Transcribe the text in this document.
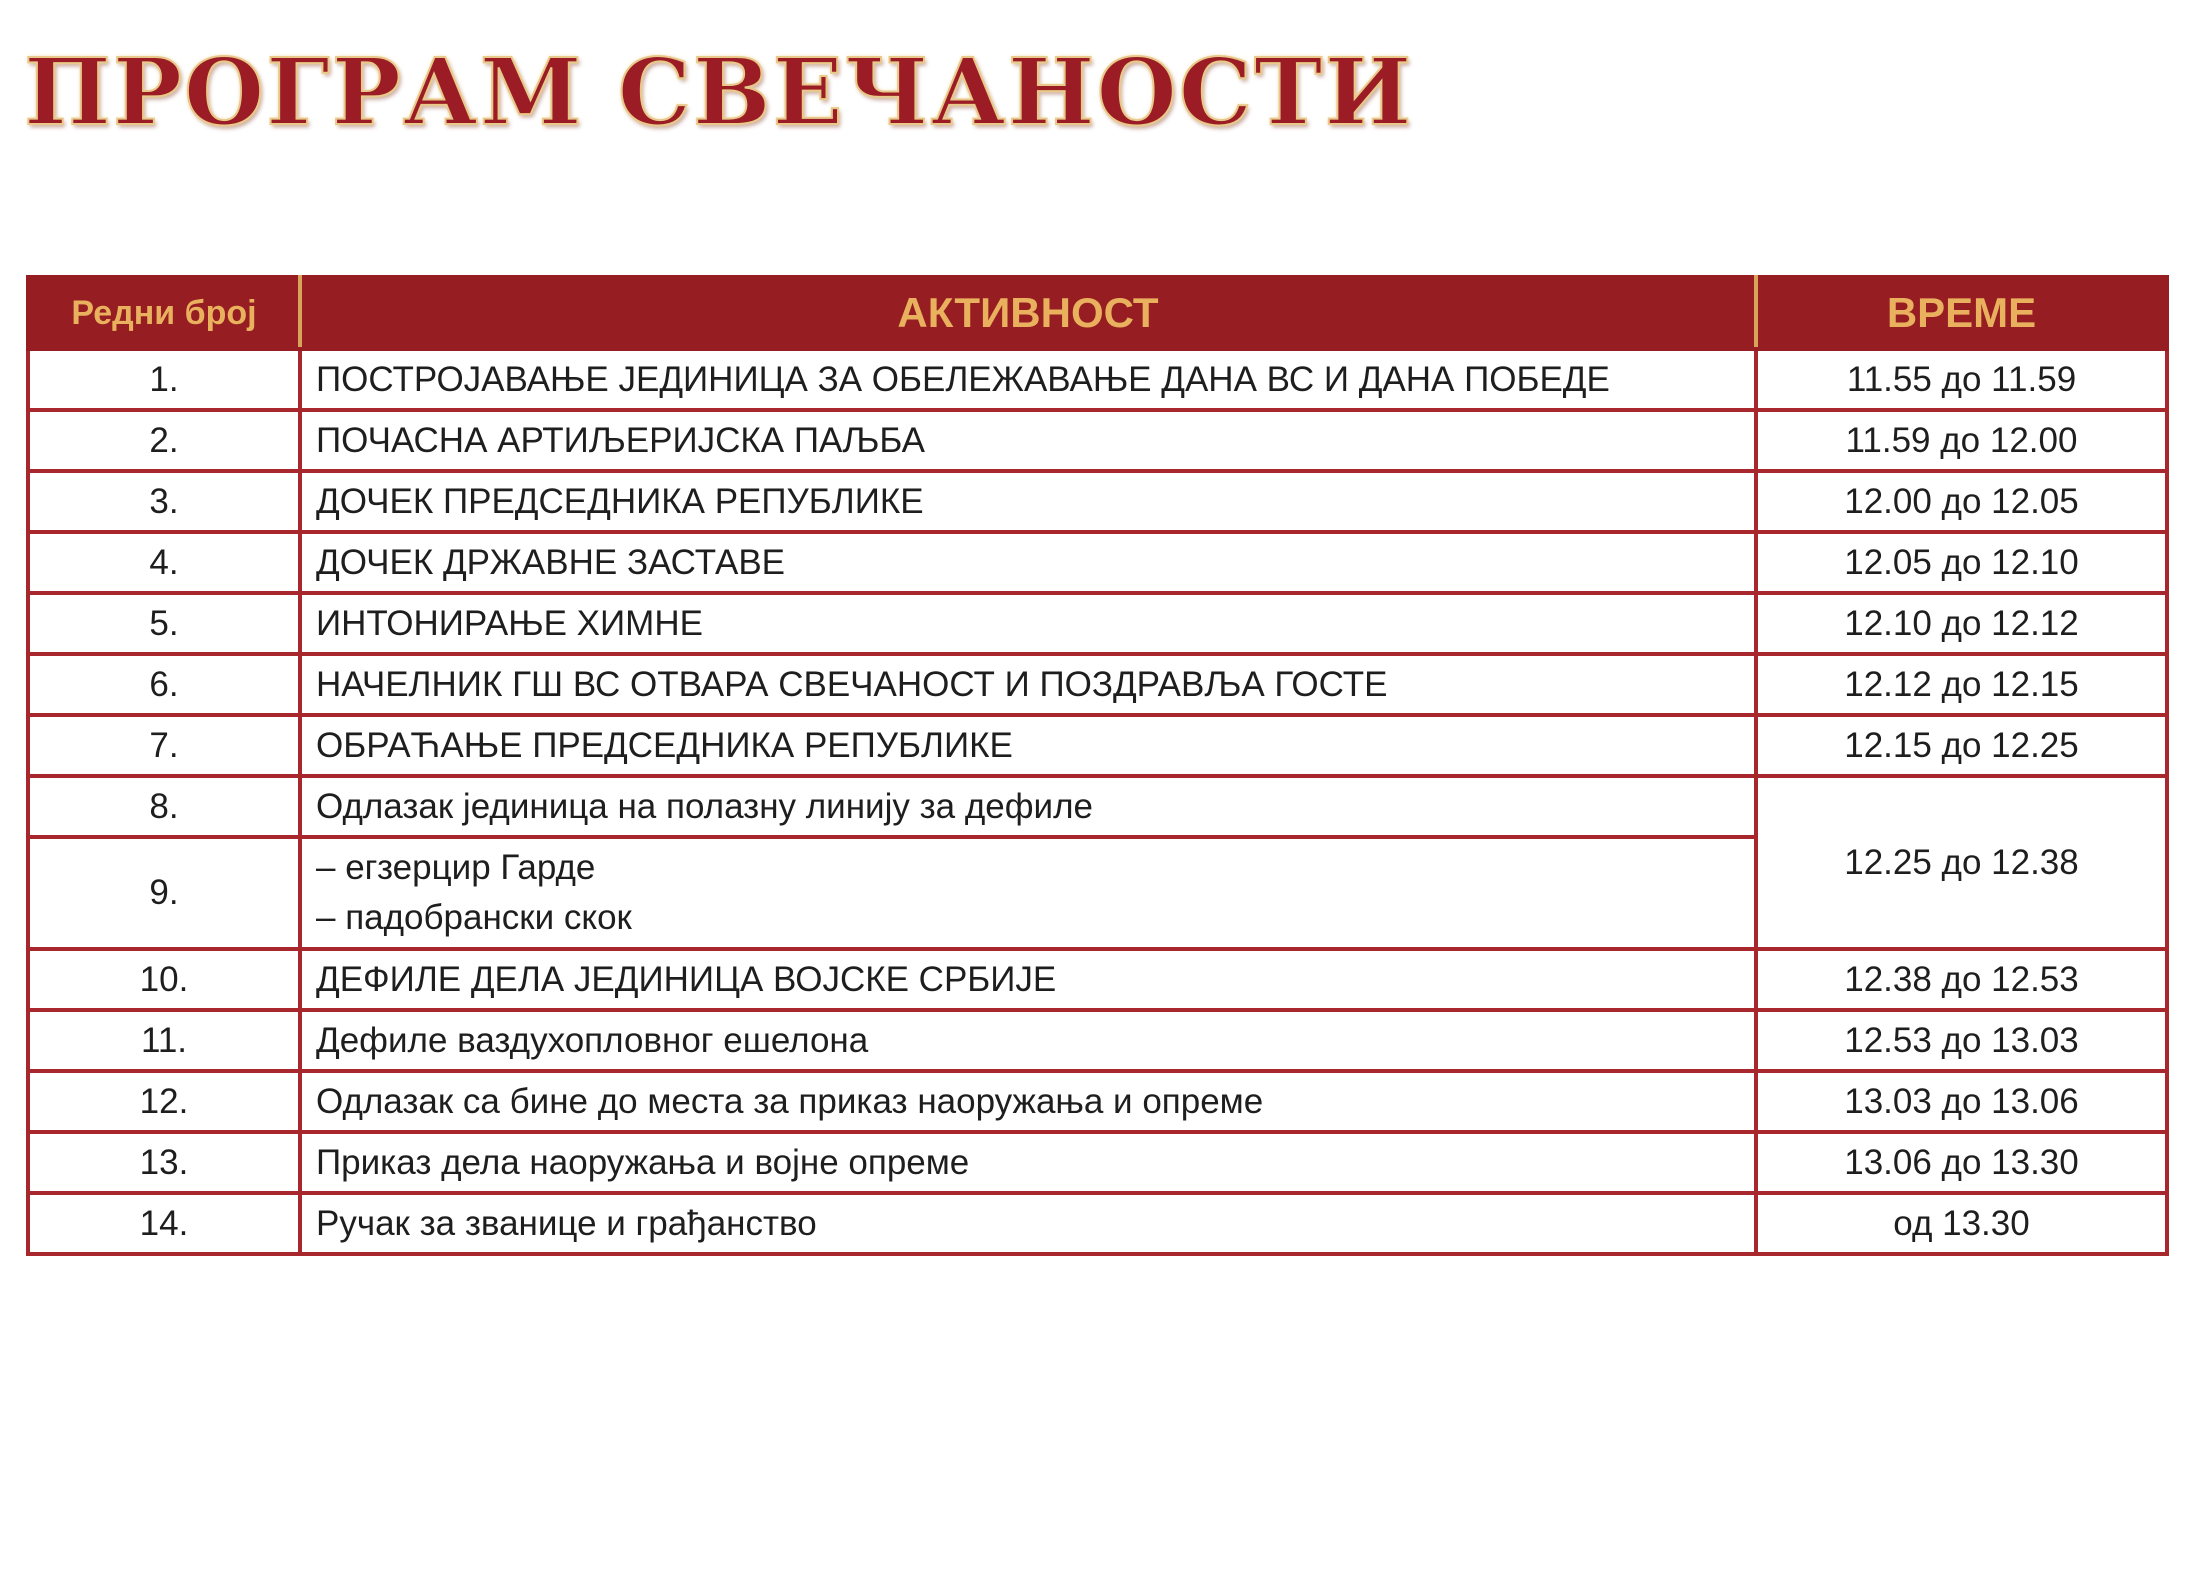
ПРОГРАМ СВЕЧАНОСТИ
Редни број	АКТИВНОСТ	ВРЕМЕ
1.	ПОСТРОЈАВАЊЕ ЈЕДИНИЦА ЗА ОБЕЛЕЖАВАЊЕ ДАНА ВС И ДАНА ПОБЕДЕ	11.55 до 11.59
2.	ПОЧАСНА АРТИЉЕРИЈСКА ПАЉБА	11.59 до 12.00
3.	ДОЧЕК ПРЕДСЕДНИКА РЕПУБЛИКЕ	12.00 до 12.05
4.	ДОЧЕК ДРЖАВНЕ ЗАСТАВЕ	12.05 до 12.10
5.	ИНТОНИРАЊЕ ХИМНЕ	12.10 до 12.12
6.	НАЧЕЛНИК ГШ ВС ОТВАРА СВЕЧАНОСТ И ПОЗДРАВЉА ГОСТЕ	12.12 до 12.15
7.	ОБРАЋАЊЕ ПРЕДСЕДНИКА РЕПУБЛИКЕ	12.15 до 12.25
8.	Одлазак јединица на полазну линију за дефиле	12.25 до 12.38
9.	– егзерцир Гарде
– падобрански скок	

10.	ДЕФИЛЕ ДЕЛА ЈЕДИНИЦА ВОЈСКЕ СРБИЈЕ	12.38 до 12.53
11.	Дефиле ваздухопловног ешелона	12.53 до 13.03
12.	Одлазак са бине до места за приказ наоружања и опреме	13.03 до 13.06
13.	Приказ дела наоружања и војне опреме	13.06 до 13.30
14.	Ручак за званице и грађанство	од 13.30
